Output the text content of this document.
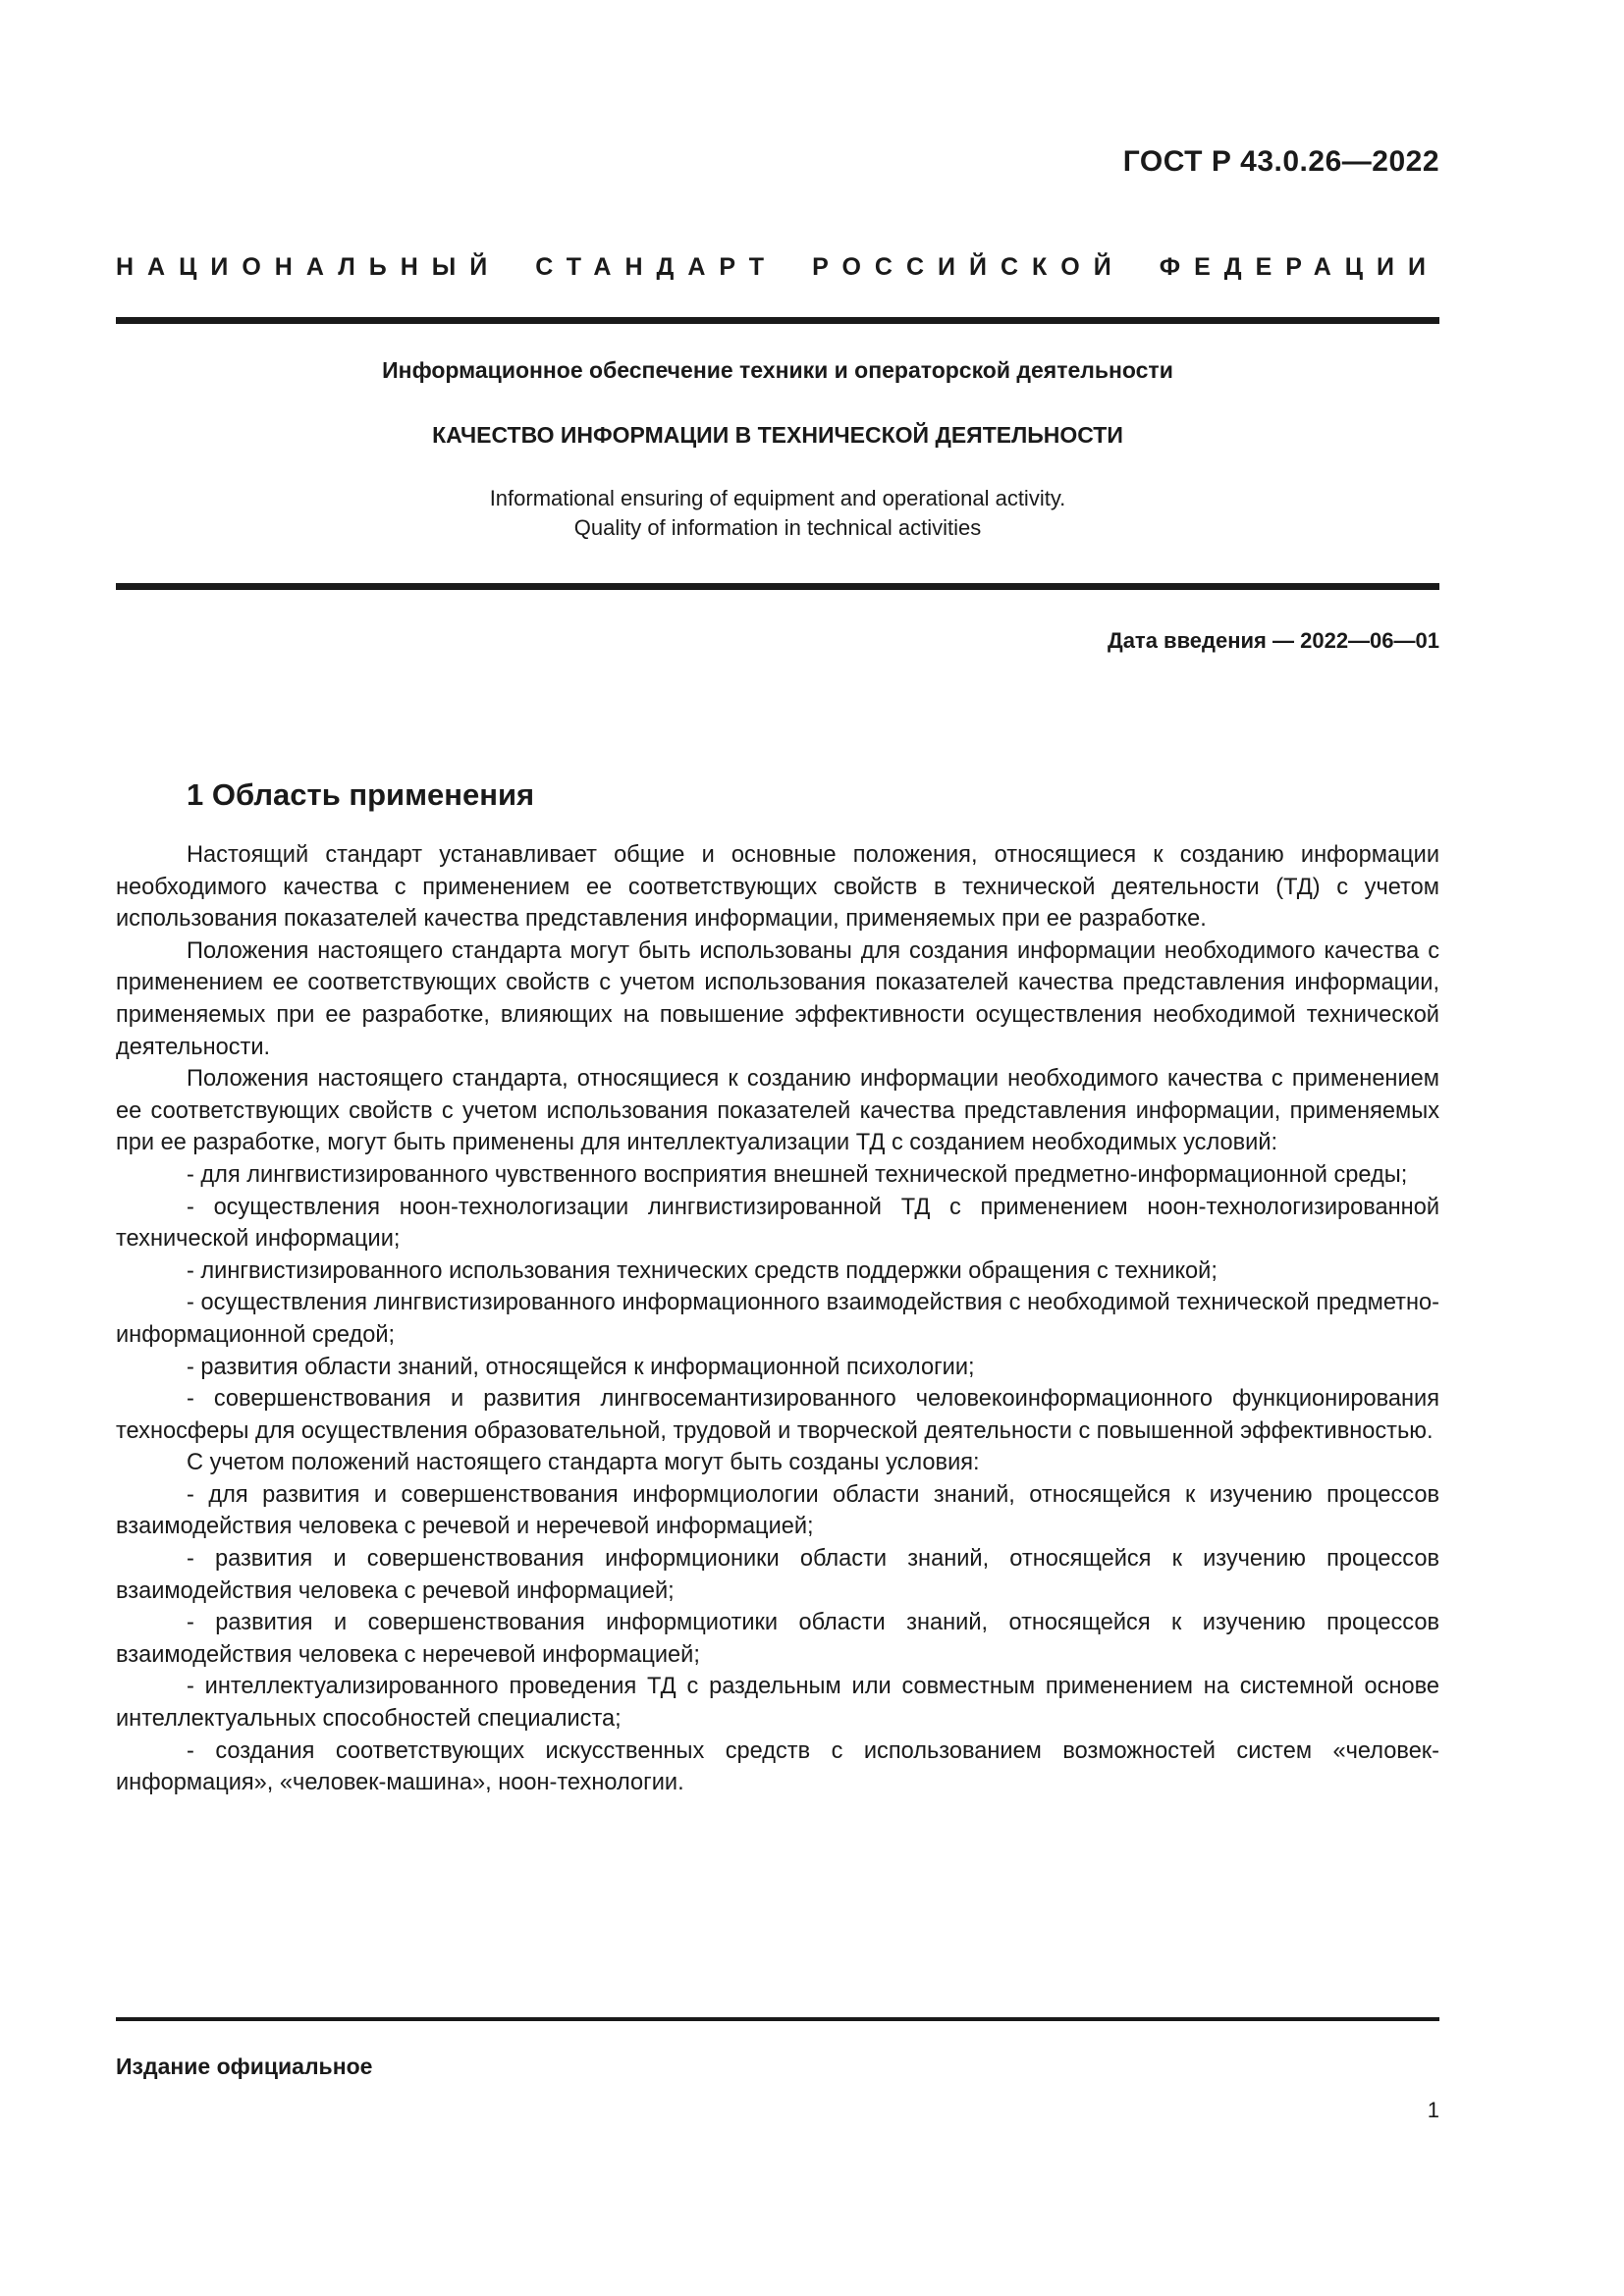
ГОСТ Р 43.0.26—2022
НАЦИОНАЛЬНЫЙ СТАНДАРТ РОССИЙСКОЙ ФЕДЕРАЦИИ
Информационное обеспечение техники и операторской деятельности
КАЧЕСТВО ИНФОРМАЦИИ В ТЕХНИЧЕСКОЙ ДЕЯТЕЛЬНОСТИ
Informational ensuring of equipment and operational activity.
Quality of information in technical activities
Дата введения — 2022—06—01
1 Область применения

Настоящий стандарт устанавливает общие и основные положения, относящиеся к созданию информации необходимого качества с применением ее соответствующих свойств в технической деятельности (ТД) с учетом использования показателей качества представления информации, применяемых при ее разработке.

Положения настоящего стандарта могут быть использованы для создания информации необходимого качества с применением ее соответствующих свойств с учетом использования показателей качества представления информации, применяемых при ее разработке, влияющих на повышение эффективности осуществления необходимой технической деятельности.

Положения настоящего стандарта, относящиеся к созданию информации необходимого качества с применением ее соответствующих свойств с учетом использования показателей качества представления информации, применяемых при ее разработке, могут быть применены для интеллектуализации ТД с созданием необходимых условий:

- для лингвистизированного чувственного восприятия внешней технической предметно-информационной среды;

- осуществления ноон-технологизации лингвистизированной ТД с применением ноон-технологизированной технической информации;

- лингвистизированного использования технических средств поддержки обращения с техникой;

- осуществления лингвистизированного информационного взаимодействия с необходимой технической предметно-информационной средой;

- развития области знаний, относящейся к информационной психологии;

- совершенствования и развития лингвосемантизированного человекоинформационного функционирования техносферы для осуществления образовательной, трудовой и творческой деятельности с повышенной эффективностью.

С учетом положений настоящего стандарта могут быть созданы условия:

- для развития и совершенствования информциологии области знаний, относящейся к изучению процессов взаимодействия человека с речевой и неречевой информацией;

- развития и совершенствования информционики области знаний, относящейся к изучению процессов взаимодействия человека с речевой информацией;

- развития и совершенствования информциотики области знаний, относящейся к изучению процессов взаимодействия человека с неречевой информацией;

- интеллектуализированного проведения ТД с раздельным или совместным применением на системной основе интеллектуальных способностей специалиста;

- создания соответствующих искусственных средств с использованием возможностей систем «человек-информация», «человек-машина», ноон-технологии.

Издание официальное
1
